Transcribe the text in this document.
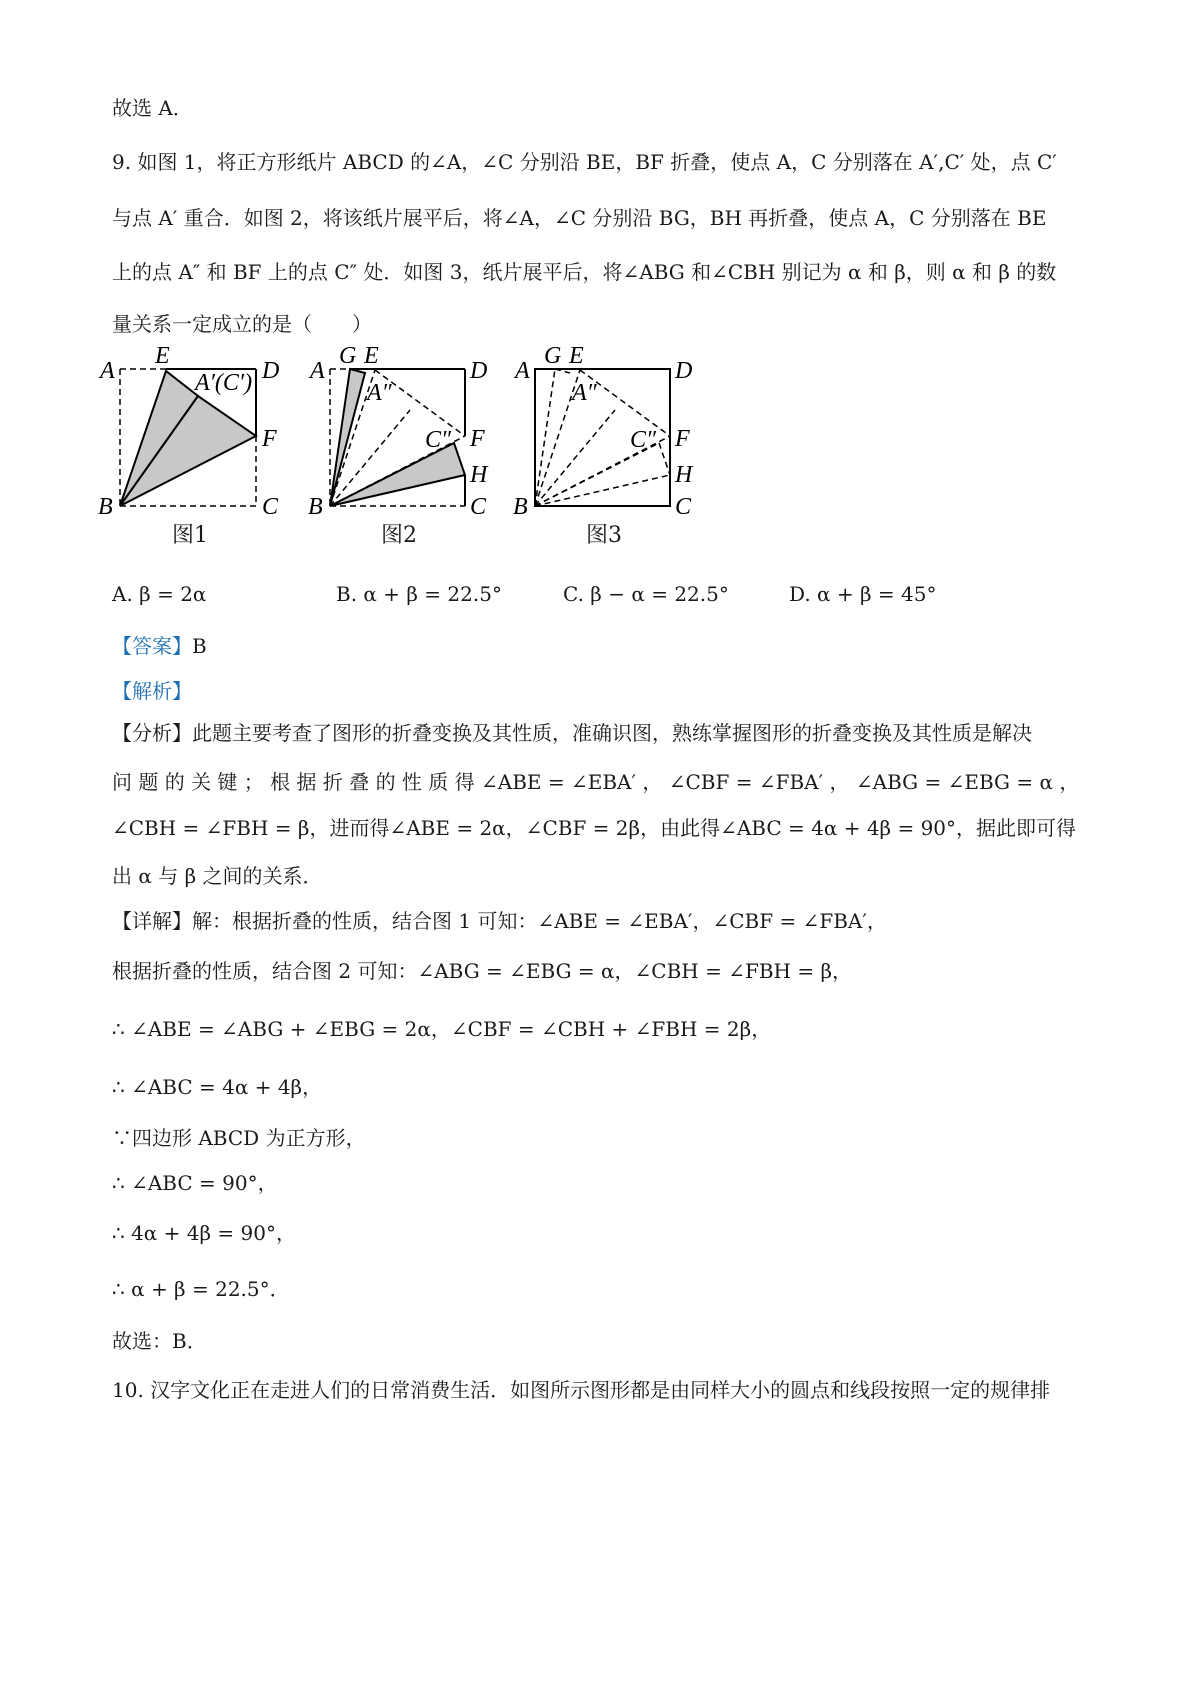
故选 A．
9. 如图 1，将正方形纸片 ABCD 的∠A，∠C 分别沿 BE，BF 折叠，使点 A，C 分别落在 A′,C′ 处，点 C′
与点 A′ 重合．如图 2，将该纸片展平后，将∠A，∠C 分别沿 BG，BH 再折叠，使点 A，C 分别落在 BE
上的点 A″ 和 BF 上的点 C″ 处．如图 3，纸片展平后，将∠ABG 和∠CBH 别记为 α 和 β，则 α 和 β 的数
量关系一定成立的是（　　）
A
E
D
A′(C′)
F
B	C
A
G E
D
A″
C″ F
H
B	C
A
G E
D
A″
C″ F
H
B	C
图1	图2	图3
A. β = 2α	B. α + β = 22.5°	C. β − α = 22.5°	D. α + β = 45°
【答案】B
【解析】
【分析】此题主要考查了图形的折叠变换及其性质，准确识图，熟练掌握图形的折叠变换及其性质是解决
问 题 的 关 键 ； 根 据 折 叠 的 性 质 得 ∠ABE = ∠EBA′ ， ∠CBF = ∠FBA′ ， ∠ABG = ∠EBG = α ，
∠CBH = ∠FBH = β，进而得∠ABE = 2α，∠CBF = 2β，由此得∠ABC = 4α + 4β = 90°，据此即可得
出 α 与 β 之间的关系．
【详解】解：根据折叠的性质，结合图 1 可知：∠ABE = ∠EBA′，∠CBF = ∠FBA′，
根据折叠的性质，结合图 2 可知：∠ABG = ∠EBG = α，∠CBH = ∠FBH = β，
∴ ∠ABE = ∠ABG + ∠EBG = 2α，∠CBF = ∠CBH + ∠FBH = 2β，
∴ ∠ABC = 4α + 4β，
∵四边形 ABCD 为正方形，
∴ ∠ABC = 90°，
∴ 4α + 4β = 90°，
∴ α + β = 22.5°．
故选：B．
10. 汉字文化正在走进人们的日常消费生活．如图所示图形都是由同样大小的圆点和线段按照一定的规律排
